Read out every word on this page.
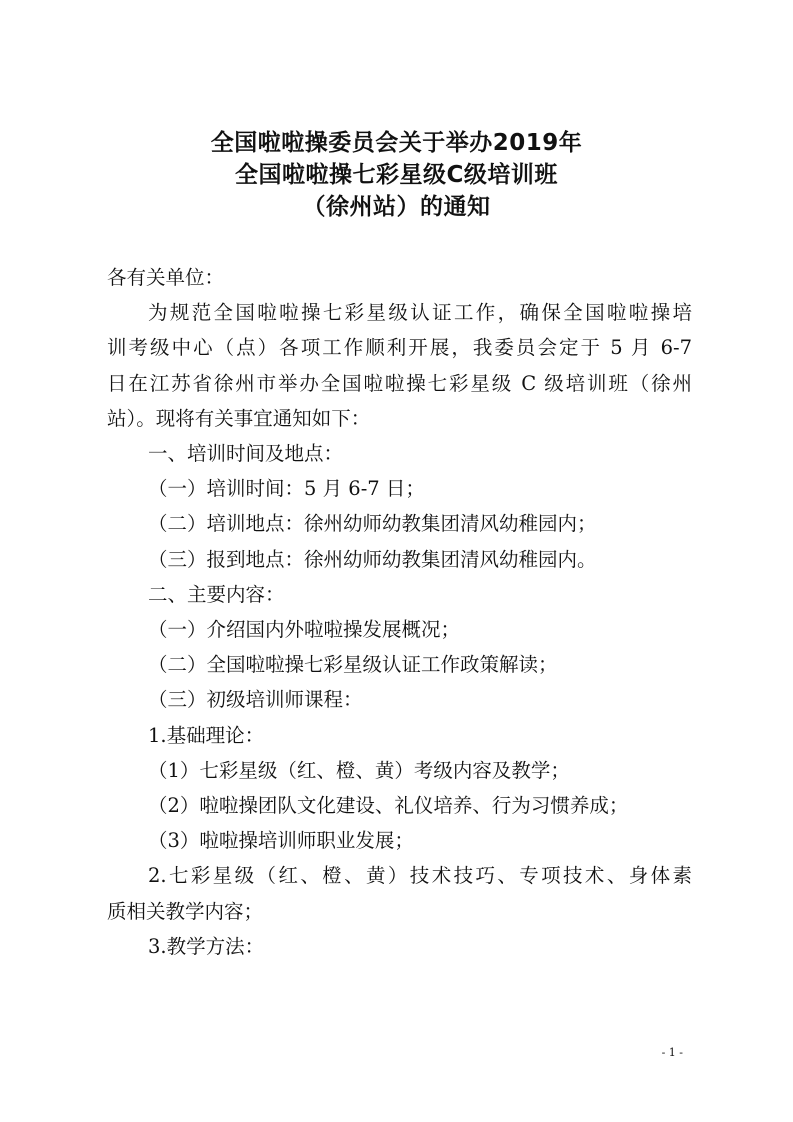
全国啦啦操委员会关于举办2019年
全国啦啦操七彩星级C级培训班
（徐州站）的通知

各有关单位：

为规范全国啦啦操七彩星级认证工作，确保全国啦啦操培
训考级中心（点）各项工作顺利开展，我委员会定于 5 月 6-7
日在江苏省徐州市举办全国啦啦操七彩星级 C 级培训班（徐州
站）。现将有关事宜通知如下：

一、培训时间及地点：

（一）培训时间：5 月 6-7 日；

（二）培训地点：徐州幼师幼教集团清风幼稚园内；

（三）报到地点：徐州幼师幼教集团清风幼稚园内。

二、主要内容：

（一）介绍国内外啦啦操发展概况；

（二）全国啦啦操七彩星级认证工作政策解读；

（三）初级培训师课程：

1.基础理论：

（1）七彩星级（红、橙、黄）考级内容及教学；

（2）啦啦操团队文化建设、礼仪培养、行为习惯养成；

（3）啦啦操培训师职业发展；

2.七彩星级（红、橙、黄）技术技巧、专项技术、身体素
质相关教学内容；

3.教学方法：

- 1 -
